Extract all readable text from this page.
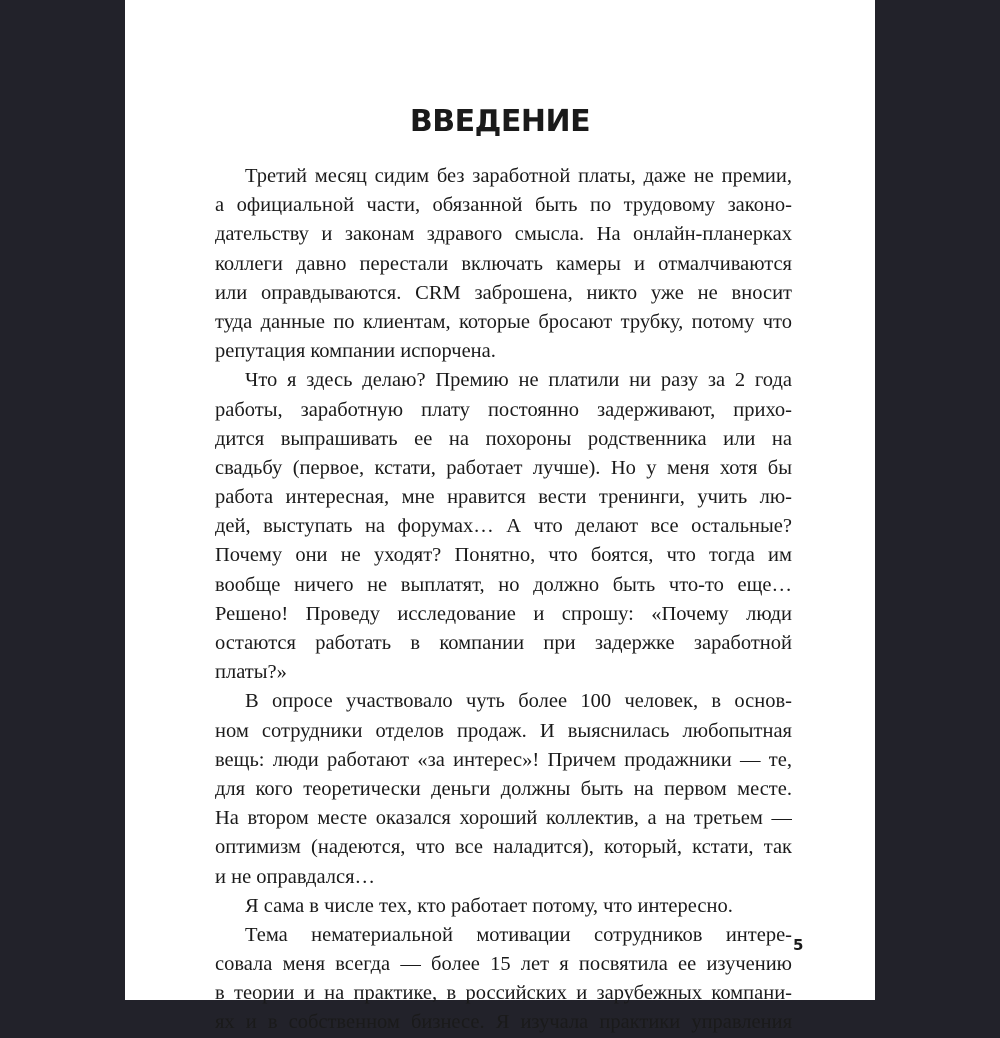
ВВЕДЕНИЕ
Третий месяц сидим без заработной платы, даже не премии,
а официальной части, обязанной быть по трудовому законо-
дательству и законам здравого смысла. На онлайн-планерках
коллеги давно перестали включать камеры и отмалчиваются
или оправдываются. CRM заброшена, никто уже не вносит
туда данные по клиентам, которые бросают трубку, потому что
репутация компании испорчена.
Что я здесь делаю? Премию не платили ни разу за 2 года
работы, заработную плату постоянно задерживают, прихо-
дится выпрашивать ее на похороны родственника или на
свадьбу (первое, кстати, работает лучше). Но у меня хотя бы
работа интересная, мне нравится вести тренинги, учить лю-
дей, выступать на форумах… А что делают все остальные?
Почему они не уходят? Понятно, что боятся, что тогда им
вообще ничего не выплатят, но должно быть что-то еще…
Решено! Проведу исследование и спрошу: «Почему люди
остаются работать в компании при задержке заработной
платы?»
В опросе участвовало чуть более 100 человек, в основ-
ном сотрудники отделов продаж. И выяснилась любопытная
вещь: люди работают «за интерес»! Причем продажники — те,
для кого теоретически деньги должны быть на первом месте.
На втором месте оказался хороший коллектив, а на третьем —
оптимизм (надеются, что все наладится), который, кстати, так
и не оправдался…
Я сама в числе тех, кто работает потому, что интересно.
Тема нематериальной мотивации сотрудников интере-
совала меня всегда — более 15 лет я посвятила ее изучению
в теории и на практике, в российских и зарубежных компани-
ях и в собственном бизнесе. Я изучала практики управления
5
